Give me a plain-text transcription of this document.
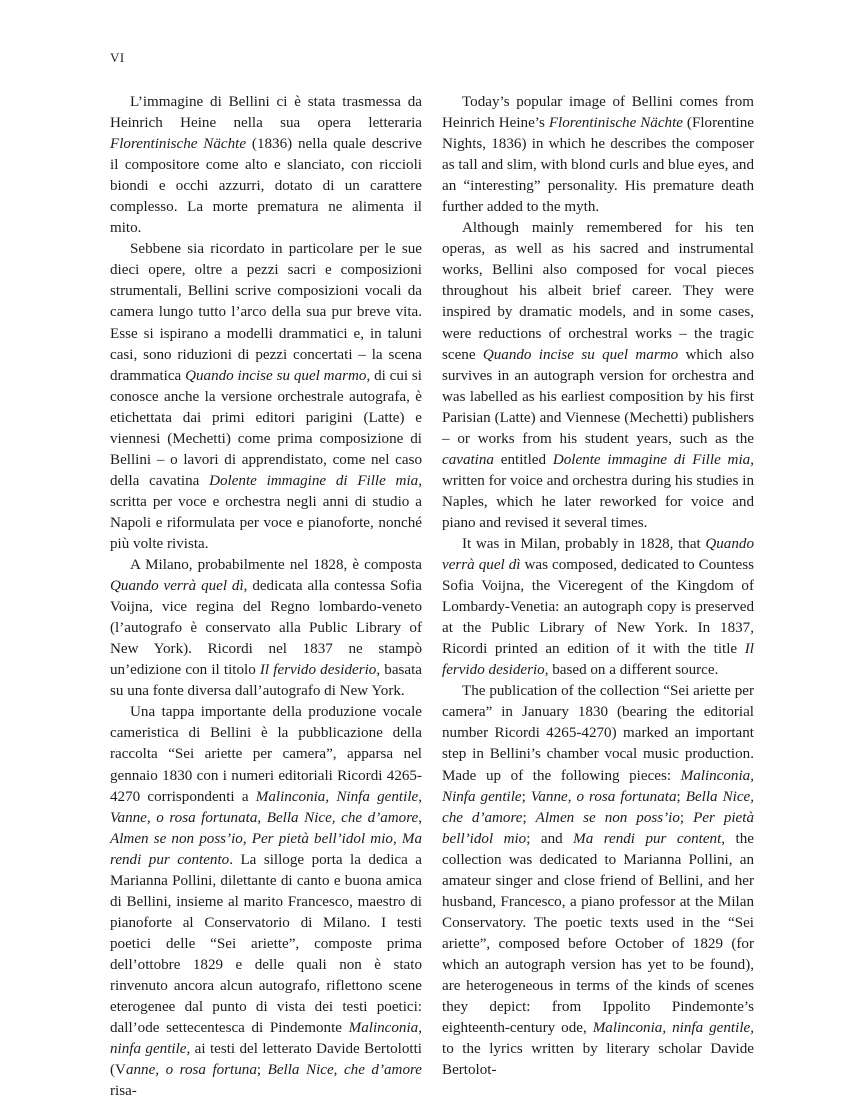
VI

L’immagine di Bellini ci è stata trasmessa da Heinrich Heine nella sua opera letteraria Florentinische Nächte (1836) nella quale descrive il compositore come alto e slanciato, con riccioli biondi e occhi azzurri, dotato di un carattere complesso. La morte prematura ne alimenta il mito.

Sebbene sia ricordato in particolare per le sue dieci opere, oltre a pezzi sacri e composizioni strumentali, Bellini scrive composizioni vocali da camera lungo tutto l’arco della sua pur breve vita. Esse si ispirano a modelli drammatici e, in taluni casi, sono riduzioni di pezzi concertati – la scena drammatica Quando incise su quel marmo, di cui si conosce anche la versione orchestrale autografa, è etichettata dai primi editori parigini (Latte) e viennesi (Mechetti) come prima composizione di Bellini – o lavori di apprendistato, come nel caso della cavatina Dolente immagine di Fille mia, scritta per voce e orchestra negli anni di studio a Napoli e riformulata per voce e pianoforte, nonché più volte rivista.

A Milano, probabilmente nel 1828, è composta Quando verrà quel dì, dedicata alla contessa Sofia Voijna, vice regina del Regno lombardo-veneto (l’autografo è conservato alla Public Library of New York). Ricordi nel 1837 ne stampò un’edizione con il titolo Il fervido desiderio, basata su una fonte diversa dall’autografo di New York.

Una tappa importante della produzione vocale cameristica di Bellini è la pubblicazione della raccolta “Sei ariette per camera”, apparsa nel gennaio 1830 con i numeri editoriali Ricordi 4265-4270 corrispondenti a Malinconia, Ninfa gentile, Vanne, o rosa fortunata, Bella Nice, che d’amore, Almen se non poss’io, Per pietà bell’idol mio, Ma rendi pur contento. La silloge porta la dedica a Marianna Pollini, dilettante di canto e buona amica di Bellini, insieme al marito Francesco, maestro di pianoforte al Conservatorio di Milano. I testi poetici delle “Sei ariette”, composte prima dell’ottobre 1829 e delle quali non è stato rinvenuto ancora alcun autografo, riflettono scene eterogenee dal punto di vista dei testi poetici: dall’ode settecentesca di Pindemonte Malinconia, ninfa gentile, ai testi del letterato Davide Bertolotti (Vanne, o rosa fortuna; Bella Nice, che d’amore risa-

Today’s popular image of Bellini comes from Heinrich Heine’s Florentinische Nächte (Florentine Nights, 1836) in which he describes the composer as tall and slim, with blond curls and blue eyes, and an “interesting” personality. His premature death further added to the myth.

Although mainly remembered for his ten operas, as well as his sacred and instrumental works, Bellini also composed for vocal pieces throughout his albeit brief career. They were inspired by dramatic models, and in some cases, were reductions of orchestral works – the tragic scene Quando incise su quel marmo which also survives in an autograph version for orchestra and was labelled as his earliest composition by his first Parisian (Latte) and Viennese (Mechetti) publishers – or works from his student years, such as the cavatina entitled Dolente immagine di Fille mia, written for voice and orchestra during his studies in Naples, which he later reworked for voice and piano and revised it several times.

It was in Milan, probably in 1828, that Quando verrà quel dì was composed, dedicated to Countess Sofia Voijna, the Viceregent of the Kingdom of Lombardy-Venetia: an autograph copy is preserved at the Public Library of New York. In 1837, Ricordi printed an edition of it with the title Il fervido desiderio, based on a different source.

The publication of the collection “Sei ariette per camera” in January 1830 (bearing the editorial number Ricordi 4265-4270) marked an important step in Bellini’s chamber vocal music production. Made up of the following pieces: Malinconia, Ninfa gentile; Vanne, o rosa fortunata; Bella Nice, che d’amore; Almen se non poss’io; Per pietà bell’idol mio; and Ma rendi pur content, the collection was dedicated to Marianna Pollini, an amateur singer and close friend of Bellini, and her husband, Francesco, a piano professor at the Milan Conservatory. The poetic texts used in the “Sei ariette”, composed before October of 1829 (for which an autograph version has yet to be found), are heterogeneous in terms of the kinds of scenes they depict: from Ippolito Pindemonte’s eighteenth-century ode, Malinconia, ninfa gentile, to the lyrics written by literary scholar Davide Bertolot-
